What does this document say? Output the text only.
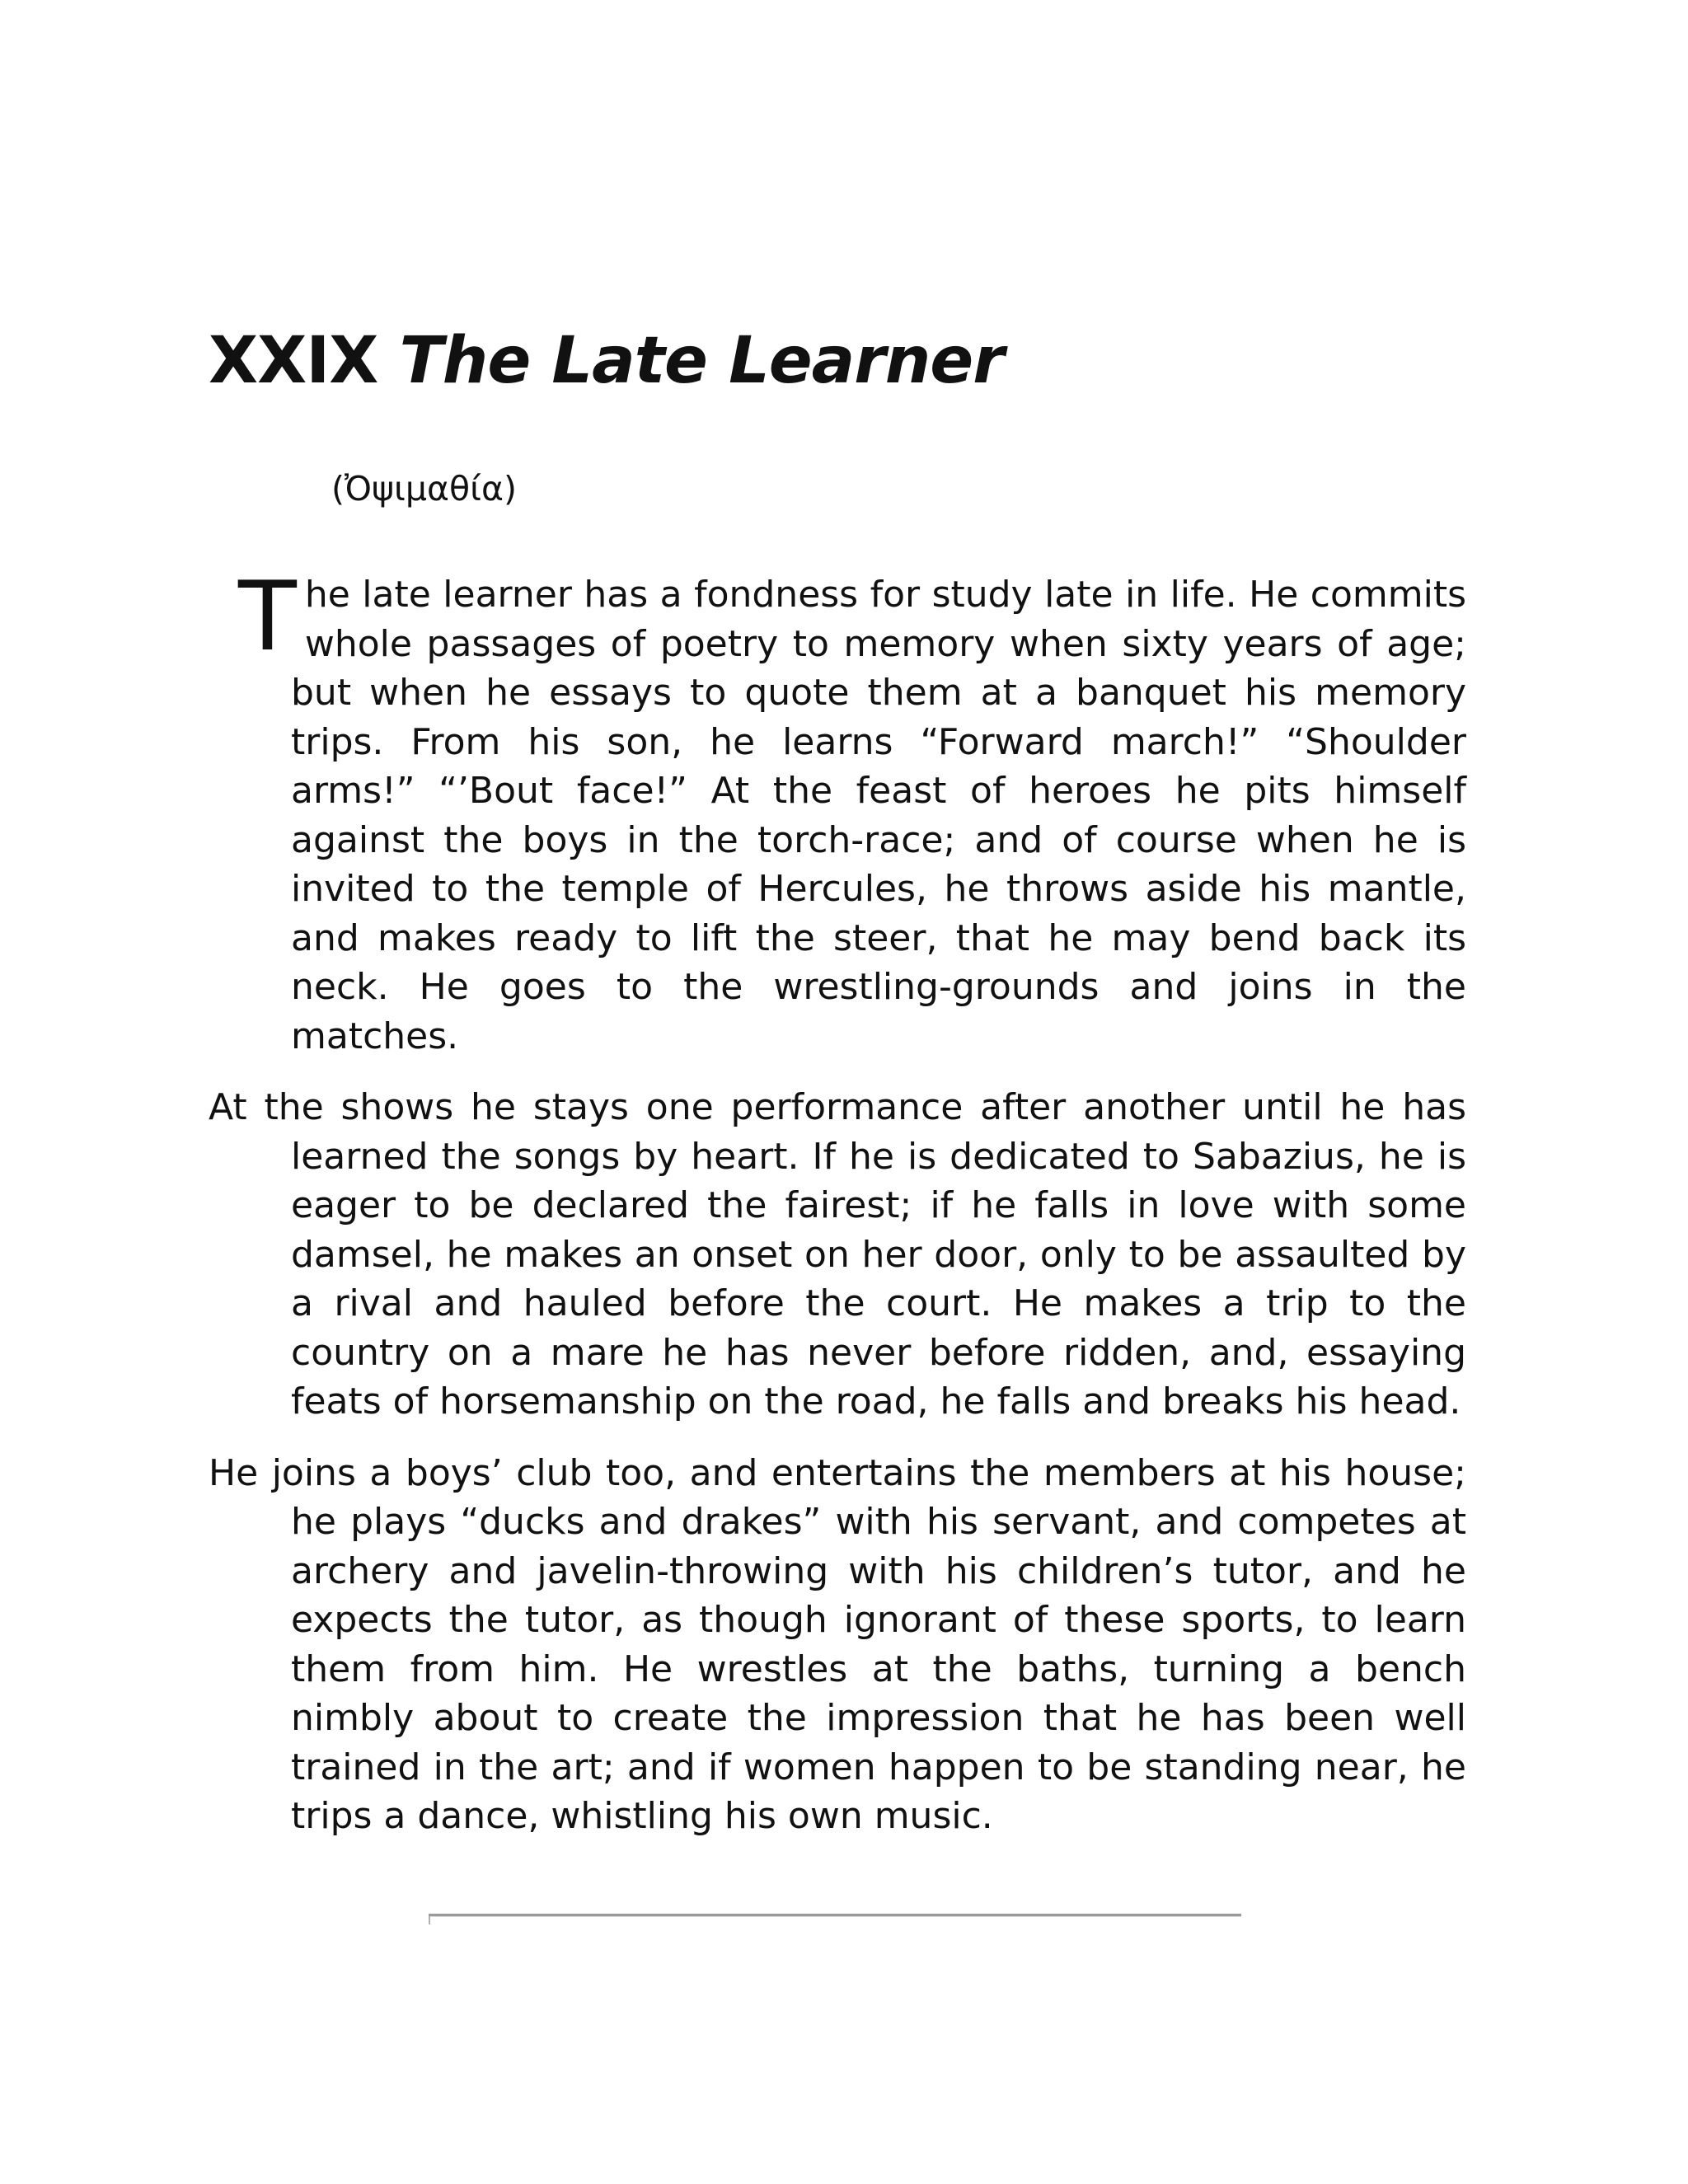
XXIX The Late Learner

(Ὀψιμαθία)

The late learner has a fondness for study late in life. He commits whole passages of poetry to memory when sixty years of age; but when he essays to quote them at a banquet his memory trips. From his son, he learns “Forward march!” “Shoulder arms!” “’Bout face!” At the feast of heroes he pits himself against the boys in the torch-race; and of course when he is invited to the temple of Hercules, he throws aside his mantle, and makes ready to lift the steer, that he may bend back its neck. He goes to the wrestling-grounds and joins in the matches.

At the shows he stays one performance after another until he has learned the songs by heart. If he is dedicated to Sabazius, he is eager to be declared the fairest; if he falls in love with some damsel, he makes an onset on her door, only to be assaulted by a rival and hauled before the court. He makes a trip to the country on a mare he has never before ridden, and, essaying feats of horsemanship on the road, he falls and breaks his head.

He joins a boys’ club too, and entertains the members at his house; he plays “ducks and drakes” with his servant, and competes at archery and javelin-throwing with his children’s tutor, and he expects the tutor, as though ignorant of these sports, to learn them from him. He wrestles at the baths, turning a bench nimbly about to create the impression that he has been well trained in the art; and if women happen to be standing near, he trips a dance, whistling his own music.
